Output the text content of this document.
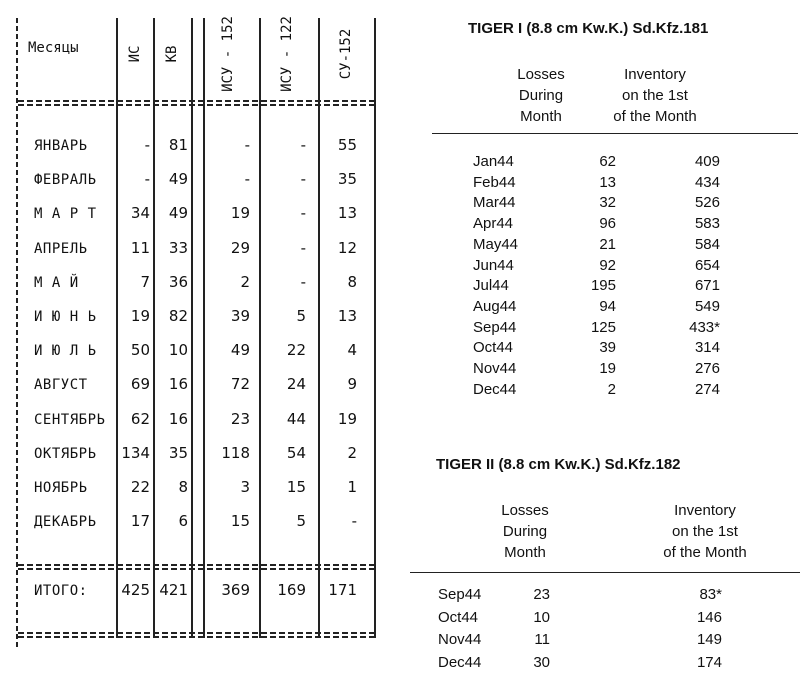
Месяцы	ИС КВ	ИСУ - 152	ИСУ - 122	СУ-152
ЯНВАРЬ	-	81	-	-	55
ФЕВРАЛЬ	-	49	-	-	35
М А Р Т	34	49	19	-	13
АПРЕЛЬ	11	33	29	-	12
М А Й	7	36	2	-	8
И Ю Н Ь	19	82	39	5	13
И Ю Л Ь	50	10	49	22	4
АВГУСТ	69	16	72	24	9
СЕНТЯБРЬ	62	16	23	44	19
ОКТЯБРЬ 134	35	118	54	2
НОЯБРЬ	22	8	3	15	1
ДЕКАБРЬ	17	6	15	5	-
ИТОГО: 425 421	369	169	171
TIGER I (8.8 cm Kw.K.) Sd.Kfz.181
Losses
During
Month
Inventory
on the 1st
of the Month
Jan44	62	409
Feb44	13	434
Mar44	32	526
Apr44	96	583
May44	21	584
Jun44	92	654
Jul44	195	671
Aug44	94	549
Sep44	125	433*
Oct44	39	314
Nov44	19	276
Dec44	2	274
TIGER II (8.8 cm Kw.K.) Sd.Kfz.182
Losses
During
Month
Inventory
on the 1st
of the Month
Sep44	23	83*
Oct44	10	146
Nov44	11	149
Dec44	30	174
